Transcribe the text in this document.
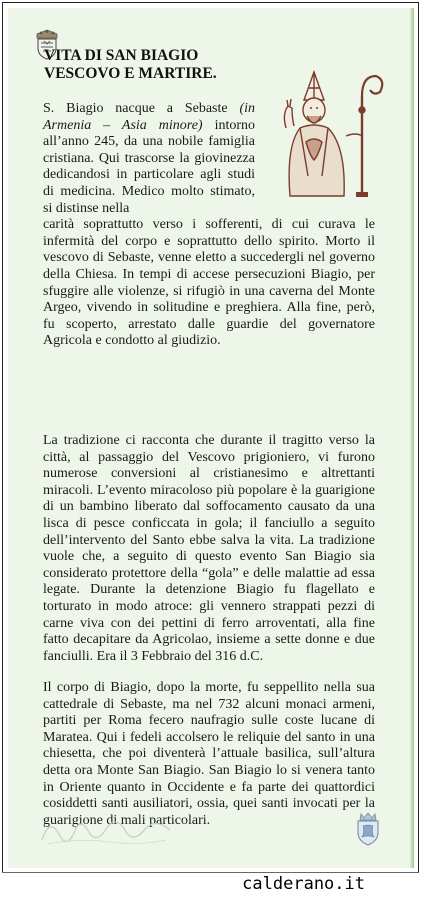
VITA DI SAN BIAGIO
VESCOVO E MARTIRE.
S. Biagio nacque a Sebaste (in Armenia – Asia minore) intorno all’anno 245, da una nobile famiglia cristiana. Qui trascorse la giovinezza dedicandosi in particolare agli studi di medicina. Medico molto stimato, si distinse nella
carità soprattutto verso i sofferenti, di cui curava le infermità del corpo e soprattutto dello spirito. Morto il vescovo di Sebaste, venne eletto a succedergli nel governo della Chiesa. In tempi di accese persecuzioni Biagio, per sfuggire alle violenze, si rifugiò in una caverna del Monte Argeo, vivendo in solitudine e preghiera. Alla fine, però, fu scoperto, arrestato dalle guardie del governatore Agricola e condotto al giudizio.
La tradizione ci racconta che durante il tragitto verso la città, al passaggio del Vescovo prigioniero, vi furono numerose conversioni al cristianesimo e altrettanti miracoli. L’evento miracoloso più popolare è la guarigione di un bambino liberato dal soffocamento causato da una lisca di pesce conficcata in gola; il fanciullo a seguito dell’intervento del Santo ebbe salva la vita. La tradizione vuole che, a seguito di questo evento San Biagio sia considerato protettore della “gola” e delle malattie ad essa legate. Durante la detenzione Biagio fu flagellato e torturato in modo atroce: gli vennero strappati pezzi di carne viva con dei pettini di ferro arroventati, alla fine fatto decapitare da Agricolao, insieme a sette donne e due fanciulli. Era il 3 Febbraio del 316 d.C.
Il corpo di Biagio, dopo la morte, fu seppellito nella sua cattedrale di Sebaste, ma nel 732 alcuni monaci armeni, partiti per Roma fecero naufragio sulle coste lucane di Maratea. Qui i fedeli accolsero le reliquie del santo in una chiesetta, che poi diventerà l’attuale basilica, sull’altura detta ora Monte San Biagio. San Biagio lo si venera tanto in Oriente quanto in Occidente e fa parte dei quattordici cosiddetti santi ausiliatori, ossia, quei santi invocati per la guarigione di mali particolari.
calderano.it
